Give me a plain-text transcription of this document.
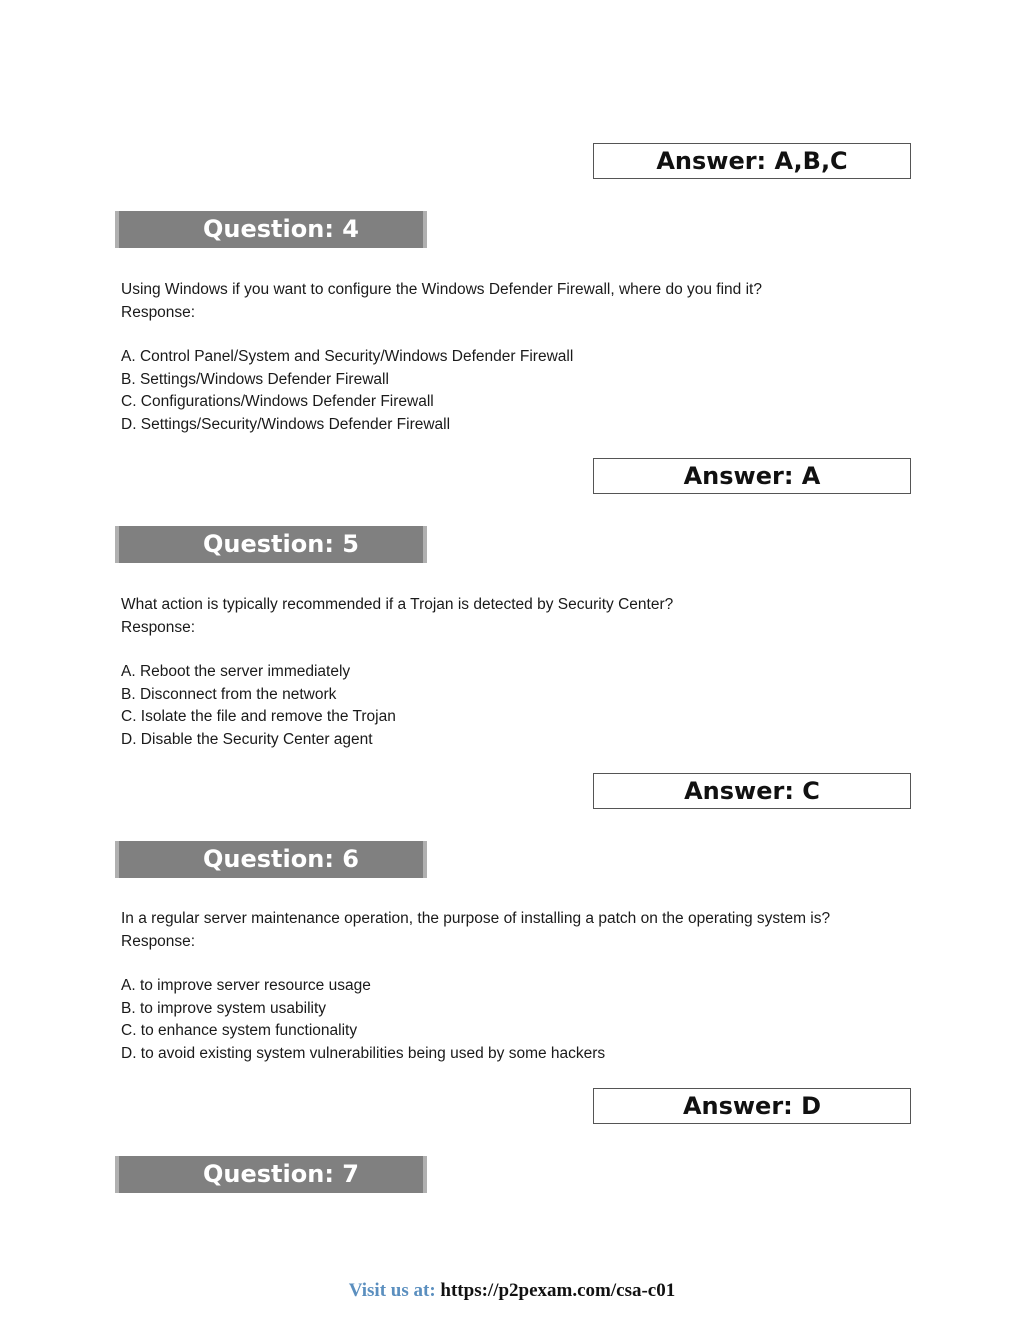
Answer: A,B,C
Question: 4

Using Windows if you want to configure the Windows Defender Firewall, where do you find it?

Response:

A. Control Panel/System and Security/Windows Defender Firewall

B. Settings/Windows Defender Firewall

C. Configurations/Windows Defender Firewall

D. Settings/Security/Windows Defender Firewall

Answer: A
Question: 5

What action is typically recommended if a Trojan is detected by Security Center?

Response:

A. Reboot the server immediately

B. Disconnect from the network

C. Isolate the file and remove the Trojan

D. Disable the Security Center agent

Answer: C
Question: 6

In a regular server maintenance operation, the purpose of installing a patch on the operating system is?

Response:

A. to improve server resource usage

B. to improve system usability

C. to enhance system functionality

D. to avoid existing system vulnerabilities being used by some hackers

Answer: D
Question: 7
Visit us at: https://p2pexam.com/csa-c01
